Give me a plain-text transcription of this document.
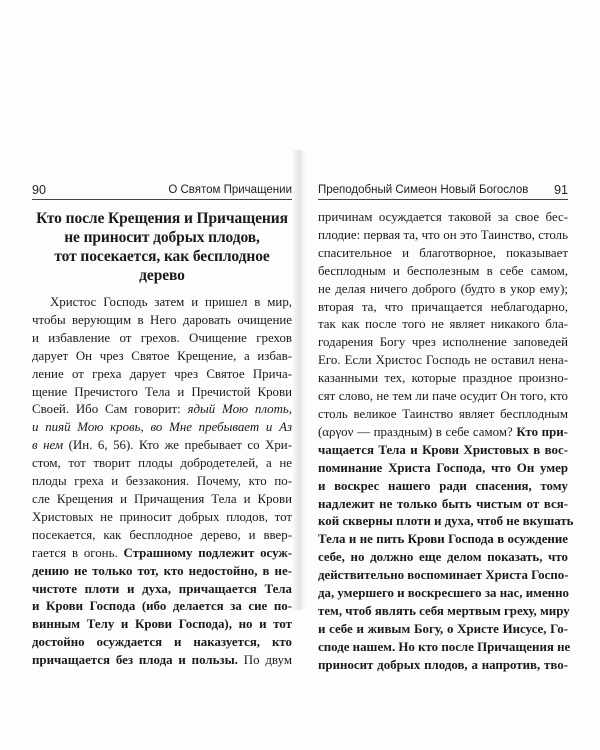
90	О Святом Причащении
Кто после Крещения и Причащения
не приносит добрых плодов,
тот посекается, как бесплодное
дерево
Христос Господь затем и пришел в мир,
чтобы верующим в Него даровать очищение
и избавление от грехов. Очищение грехов
дарует Он чрез Святое Крещение, а избав-
ление от греха дарует чрез Святое Прича-
щение Пречистого Тела и Пречистой Крови
Своей. Ибо Сам говорит: ядый Мою плоть,
и пияй Мою кровь, во Мне пребывает и Аз
в нем (Ин. 6, 56). Кто же пребывает со Хри-
стом, тот творит плоды добродетелей, а не
плоды греха и беззакония. Почему, кто по-
сле Крещения и Причащения Тела и Крови
Христовых не приносит добрых плодов, тот
посекается, как бесплодное дерево, и ввер-
гается в огонь. Страшному подлежит осуж-
дению не только тот, кто недостойно, в не-
чистоте плоти и духа, причащается Тела
и Крови Господа (ибо делается за сие по-
винным Телу и Крови Господа), но и тот
достойно осуждается и наказуется, кто
причащается без плода и пользы. По двум
Преподобный Симеон Новый Богослов 91
причинам осуждается таковой за свое бес-
плодие: первая та, что он это Таинство, столь
спасительное и благотворное, показывает
бесплодным и бесполезным в себе самом,
не делая ничего доброго (будто в укор ему);
вторая та, что причащается неблагодарно,
так как после того не являет никакого бла-
годарения Богу чрез исполнение заповедей
Его. Если Христос Господь не оставил нена-
казанными тех, которые праздное произно-
сят слово, не тем ли паче осудит Он того, кто
столь великое Таинство являет бесплодным
(αργον — праздным) в себе самом? Кто при-
чащается Тела и Крови Христовых в вос-
поминание Христа Господа, что Он умер
и воскрес нашего ради спасения, тому
надлежит не только быть чистым от вся-
кой скверны плоти и духа, чтоб не вкушать
Тела и не пить Крови Господа в осуждение
себе, но должно еще делом показать, что
действительно воспоминает Христа Госпо-
да, умершего и воскресшего за нас, именно
тем, чтоб являть себя мертвым греху, миру
и себе и живым Богу, о Христе Иисусе, Го-
споде нашем. Но кто после Причащения не
приносит добрых плодов, а напротив, тво-
